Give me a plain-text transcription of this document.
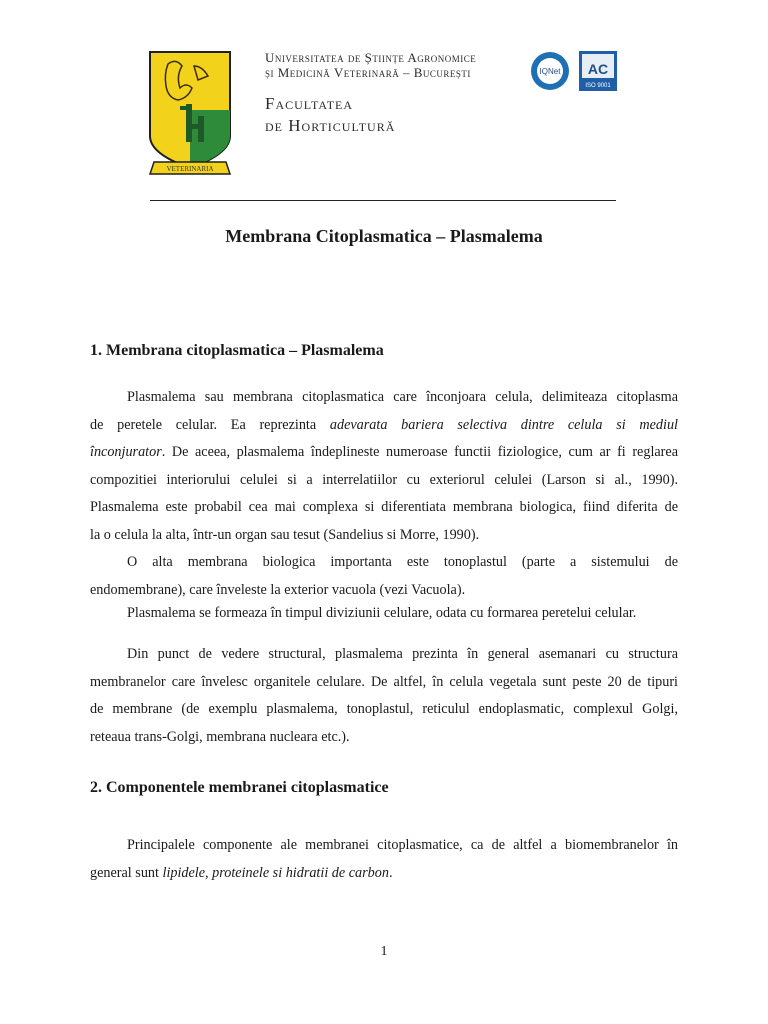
VETERINARIA
Universitatea de Științe Agronomice
și Medicină Veterinară – București
Facultatea
de Horticultură
IQNet AC
ISO 9001
Membrana Citoplasmatica – Plasmalema
1. Membrana citoplasmatica – Plasmalema
Plasmalema sau membrana citoplasmatica care înconjoara celula, delimiteaza citoplasma
de peretele celular. Ea reprezinta adevarata bariera selectiva dintre celula si mediul
înconjurator. De aceea, plasmalema îndeplineste numeroase functii fiziologice, cum ar fi reglarea
compozitiei interiorului celulei si a interrelatiilor cu exteriorul celulei (Larson si al., 1990).
Plasmalema este probabil cea mai complexa si diferentiata membrana biologica, fiind diferita de
la o celula la alta, într-un organ sau tesut (Sandelius si Morre, 1990).
O alta membrana biologica importanta este tonoplastul (parte a sistemului de
endomembrane), care înveleste la exterior vacuola (vezi Vacuola).
Plasmalema se formeaza în timpul diviziunii celulare, odata cu formarea peretelui celular.
Din punct de vedere structural, plasmalema prezinta în general asemanari cu structura
membranelor care învelesc organitele celulare. De altfel, în celula vegetala sunt peste 20 de tipuri
de membrane (de exemplu plasmalema, tonoplastul, reticulul endoplasmatic, complexul Golgi,
reteaua trans-Golgi, membrana nucleara etc.).
2. Componentele membranei citoplasmatice
Principalele componente ale membranei citoplasmatice, ca de altfel a biomembranelor în
general sunt lipidele, proteinele si hidratii de carbon.
1
